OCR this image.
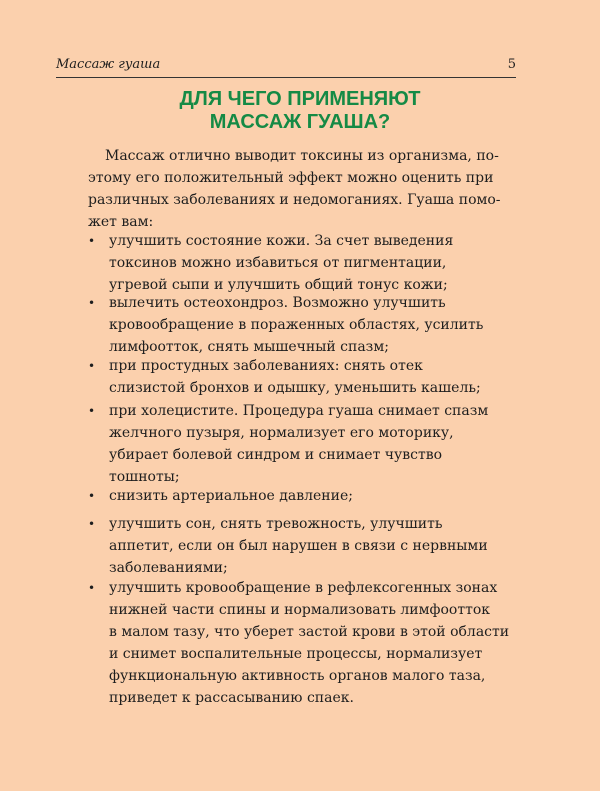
Массаж гуаша	5
ДЛЯ ЧЕГО ПРИМЕНЯЮТ
МАССАЖ ГУАША?
Массаж отлично выводит токсины из организма, по-
этому его положительный эффект можно оценить при
различных заболеваниях и недомоганиях. Гуаша помо-
жет вам:
• улучшить состояние кожи. За счет выведения
токсинов можно избавиться от пигментации,
угревой сыпи и улучшить общий тонус кожи;
• вылечить остеохондроз. Возможно улучшить
кровообращение в пораженных областях, усилить
лимфоотток, снять мышечный спазм;
• при простудных заболеваниях: снять отек
слизистой бронхов и одышку, уменьшить кашель;
• при холецистите. Процедура гуаша снимает спазм
желчного пузыря, нормализует его моторику,
убирает болевой синдром и снимает чувство
тошноты;
• снизить артериальное давление;
• улучшить сон, снять тревожность, улучшить
аппетит, если он был нарушен в связи с нервными
заболеваниями;
• улучшить кровообращение в рефлексогенных зонах
нижней части спины и нормализовать лимфоотток
в малом тазу, что уберет застой крови в этой области
и снимет воспалительные процессы, нормализует
функциональную активность органов малого таза,
приведет к рассасыванию спаек.
